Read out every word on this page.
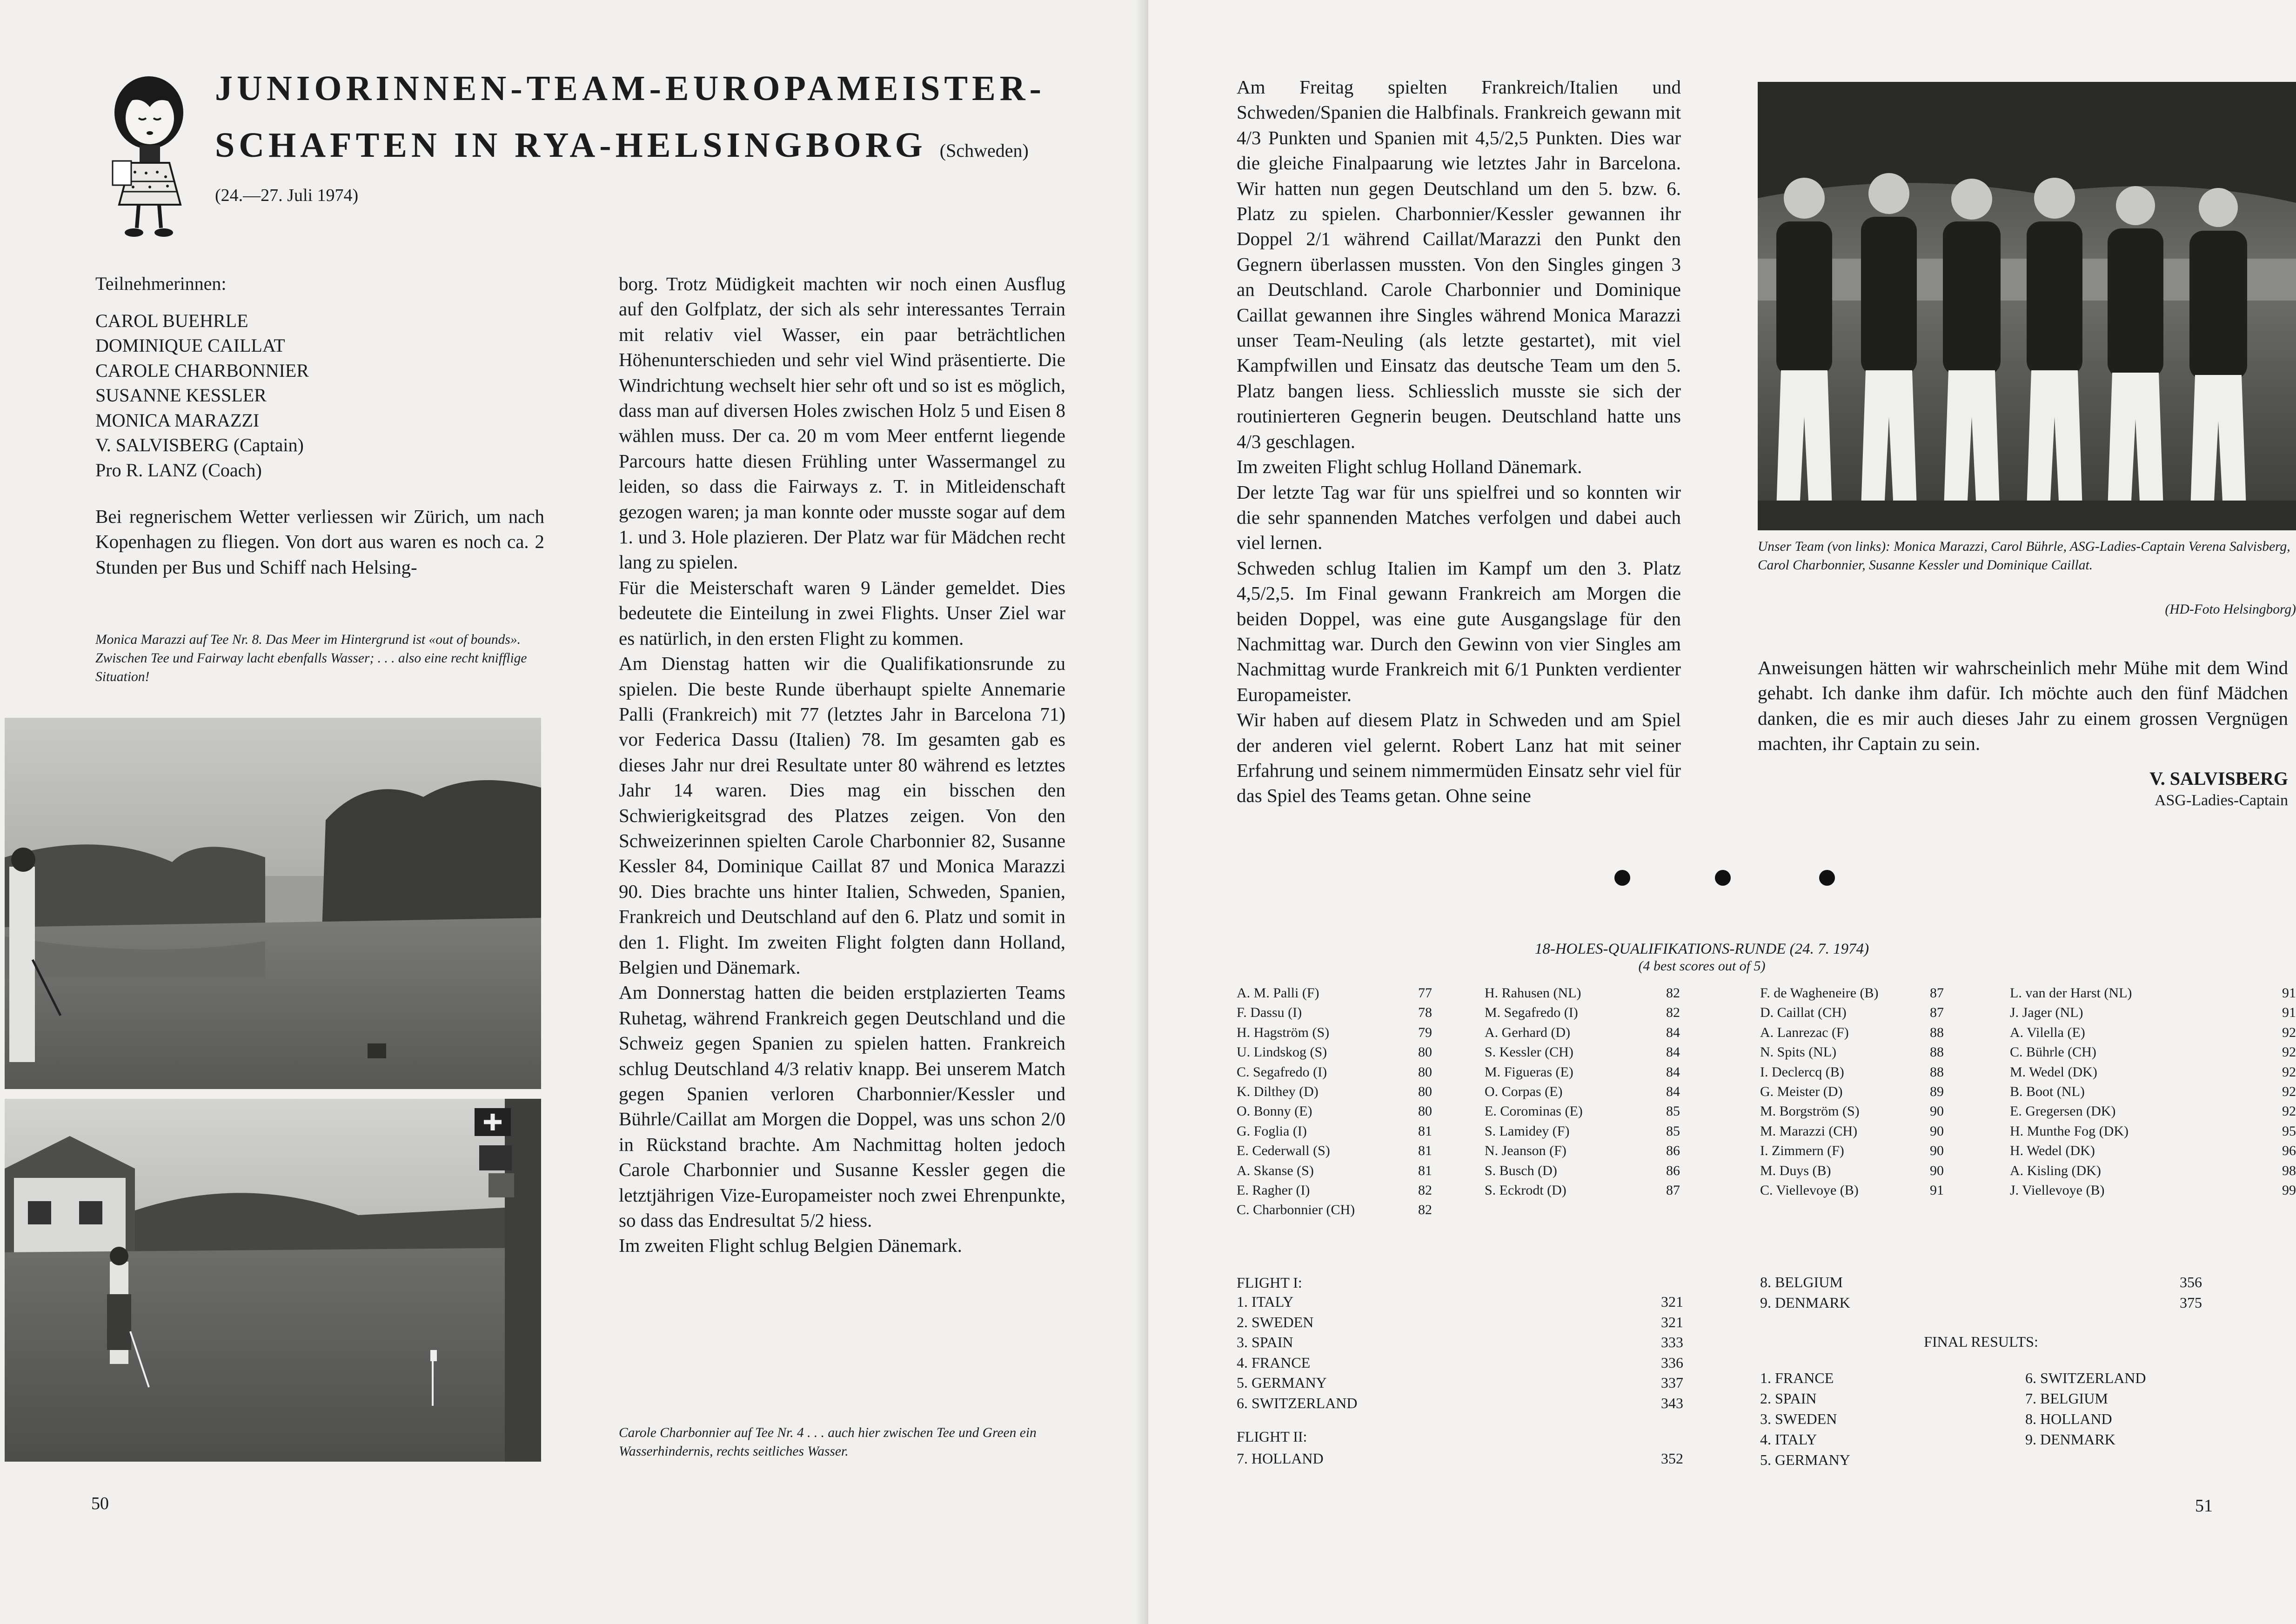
JUNIORINNEN-TEAM-EUROPAMEISTER-
SCHAFTEN IN RYA-HELSINGBORG (Schweden)
(24.—27. Juli 1974)
Teilnehmerinnen:
CAROL BUEHRLE
DOMINIQUE CAILLAT
CAROLE CHARBONNIER
SUSANNE KESSLER
MONICA MARAZZI
V. SALVISBERG (Captain)
Pro R. LANZ (Coach)
Bei regnerischem Wetter verliessen wir Zürich, um nach Kopenhagen zu fliegen. Von dort aus waren es noch ca. 2 Stunden per Bus und Schiff nach Helsing-
Monica Marazzi auf Tee Nr. 8. Das Meer im Hintergrund ist «out of bounds». Zwischen Tee und Fairway lacht ebenfalls Wasser; . . . also eine recht knifflige Situation!

borg. Trotz Müdigkeit machten wir noch einen Ausflug auf den Golfplatz, der sich als sehr interessantes Terrain mit relativ viel Wasser, ein paar beträchtlichen Höhenunterschieden und sehr viel Wind präsentierte. Die Windrichtung wechselt hier sehr oft und so ist es möglich, dass man auf diversen Holes zwischen Holz 5 und Eisen 8 wählen muss. Der ca. 20 m vom Meer entfernt liegende Parcours hatte diesen Frühling unter Wassermangel zu leiden, so dass die Fairways z. T. in Mitleidenschaft gezogen waren; ja man konnte oder musste sogar auf dem 1. und 3. Hole plazieren. Der Platz war für Mädchen recht lang zu spielen.

Für die Meisterschaft waren 9 Länder gemeldet. Dies bedeutete die Einteilung in zwei Flights. Unser Ziel war es natürlich, in den ersten Flight zu kommen.

Am Dienstag hatten wir die Qualifikationsrunde zu spielen. Die beste Runde überhaupt spielte Annemarie Palli (Frankreich) mit 77 (letztes Jahr in Barcelona 71) vor Federica Dassu (Italien) 78. Im gesamten gab es dieses Jahr nur drei Resultate unter 80 während es letztes Jahr 14 waren. Dies mag ein bisschen den Schwierigkeitsgrad des Platzes zeigen. Von den Schweizerinnen spielten Carole Charbonnier 82, Susanne Kessler 84, Dominique Caillat 87 und Monica Marazzi 90. Dies brachte uns hinter Italien, Schweden, Spanien, Frankreich und Deutschland auf den 6. Platz und somit in den 1. Flight. Im zweiten Flight folgten dann Holland, Belgien und Dänemark.

Am Donnerstag hatten die beiden erstplazierten Teams Ruhetag, während Frankreich gegen Deutschland und die Schweiz gegen Spanien zu spielen hatten. Frankreich schlug Deutschland 4/3 relativ knapp. Bei unserem Match gegen Spanien verloren Charbonnier/Kessler und Bührle/Caillat am Morgen die Doppel, was uns schon 2/0 in Rückstand brachte. Am Nachmittag holten jedoch Carole Charbonnier und Susanne Kessler gegen die letztjährigen Vize-Europameister noch zwei Ehrenpunkte, so dass das Endresultat 5/2 hiess.

Im zweiten Flight schlug Belgien Dänemark.

Carole Charbonnier auf Tee Nr. 4 . . . auch hier zwischen Tee und Green ein Wasserhindernis, rechts seitliches Wasser.
50

Am Freitag spielten Frankreich/Italien und Schweden/Spanien die Halbfinals. Frankreich gewann mit 4/3 Punkten und Spanien mit 4,5/2,5 Punkten. Dies war die gleiche Finalpaarung wie letztes Jahr in Barcelona. Wir hatten nun gegen Deutschland um den 5. bzw. 6. Platz zu spielen. Charbonnier/Kessler gewannen ihr Doppel 2/1 während Caillat/Marazzi den Punkt den Gegnern überlassen mussten. Von den Singles gingen 3 an Deutschland. Carole Charbonnier und Dominique Caillat gewannen ihre Singles während Monica Marazzi unser Team-Neuling (als letzte gestartet), mit viel Kampfwillen und Einsatz das deutsche Team um den 5. Platz bangen liess. Schliesslich musste sie sich der routinierteren Gegnerin beugen. Deutschland hatte uns 4/3 geschlagen.

Im zweiten Flight schlug Holland Dänemark.

Der letzte Tag war für uns spielfrei und so konnten wir die sehr spannenden Matches verfolgen und dabei auch viel lernen.

Schweden schlug Italien im Kampf um den 3. Platz 4,5/2,5. Im Final gewann Frankreich am Morgen die beiden Doppel, was eine gute Ausgangslage für den Nachmittag war. Durch den Gewinn von vier Singles am Nachmittag wurde Frankreich mit 6/1 Punkten verdienter Europameister.

Wir haben auf diesem Platz in Schweden und am Spiel der anderen viel gelernt. Robert Lanz hat mit seiner Erfahrung und seinem nimmermüden Einsatz sehr viel für das Spiel des Teams getan. Ohne seine

Unser Team (von links): Monica Marazzi, Carol Bührle, ASG-Ladies-Captain Verena Salvisberg, Carol Charbonnier, Susanne Kessler und Dominique Caillat.
(HD-Foto Helsingborg)
Anweisungen hätten wir wahrscheinlich mehr Mühe mit dem Wind gehabt. Ich danke ihm dafür. Ich möchte auch den fünf Mädchen danken, die es mir auch dieses Jahr zu einem grossen Vergnügen machten, ihr Captain zu sein.
V. SALVISBERG
ASG-Ladies-Captain
18-HOLES-QUALIFIKATIONS-RUNDE (24. 7. 1974)
(4 best scores out of 5)
A. M. Palli (F)	77
F. Dassu (I)	78
H. Hagström (S)	79
U. Lindskog (S)	80
C. Segafredo (I)	80
K. Dilthey (D)	80
O. Bonny (E)	80
G. Foglia (I)	81
E. Cederwall (S)	81
A. Skanse (S)	81
E. Ragher (I)	82
C. Charbonnier (CH)	82
H. Rahusen (NL)	82
M. Segafredo (I)	82
A. Gerhard (D)	84
S. Kessler (CH)	84
M. Figueras (E)	84
O. Corpas (E)	84
E. Corominas (E)	85
S. Lamidey (F)	85
N. Jeanson (F)	86
S. Busch (D)	86
S. Eckrodt (D)	87
F. de Wagheneire (B)	87
D. Caillat (CH)	87
A. Lanrezac (F)	88
N. Spits (NL)	88
I. Declercq (B)	88
G. Meister (D)	89
M. Borgström (S)	90
M. Marazzi (CH)	90
I. Zimmern (F)	90
M. Duys (B)	90
C. Viellevoye (B)	91
L. van der Harst (NL)	91
J. Jager (NL)	91
A. Vilella (E)	92
C. Bührle (CH)	92
M. Wedel (DK)	92
B. Boot (NL)	92
E. Gregersen (DK)	92
H. Munthe Fog (DK)	95
H. Wedel (DK)	96
A. Kisling (DK)	98
J. Viellevoye (B)	99
FLIGHT I:
1. ITALY	321
2. SWEDEN	321
3. SPAIN	333
4. FRANCE	336
5. GERMANY	337
6. SWITZERLAND	343
FLIGHT II:
7. HOLLAND	352
8. BELGIUM	356
9. DENMARK	375
FINAL RESULTS:
1. FRANCE
2. SPAIN
3. SWEDEN
4. ITALY
5. GERMANY
6. SWITZERLAND
7. BELGIUM
8. HOLLAND
9. DENMARK
51
